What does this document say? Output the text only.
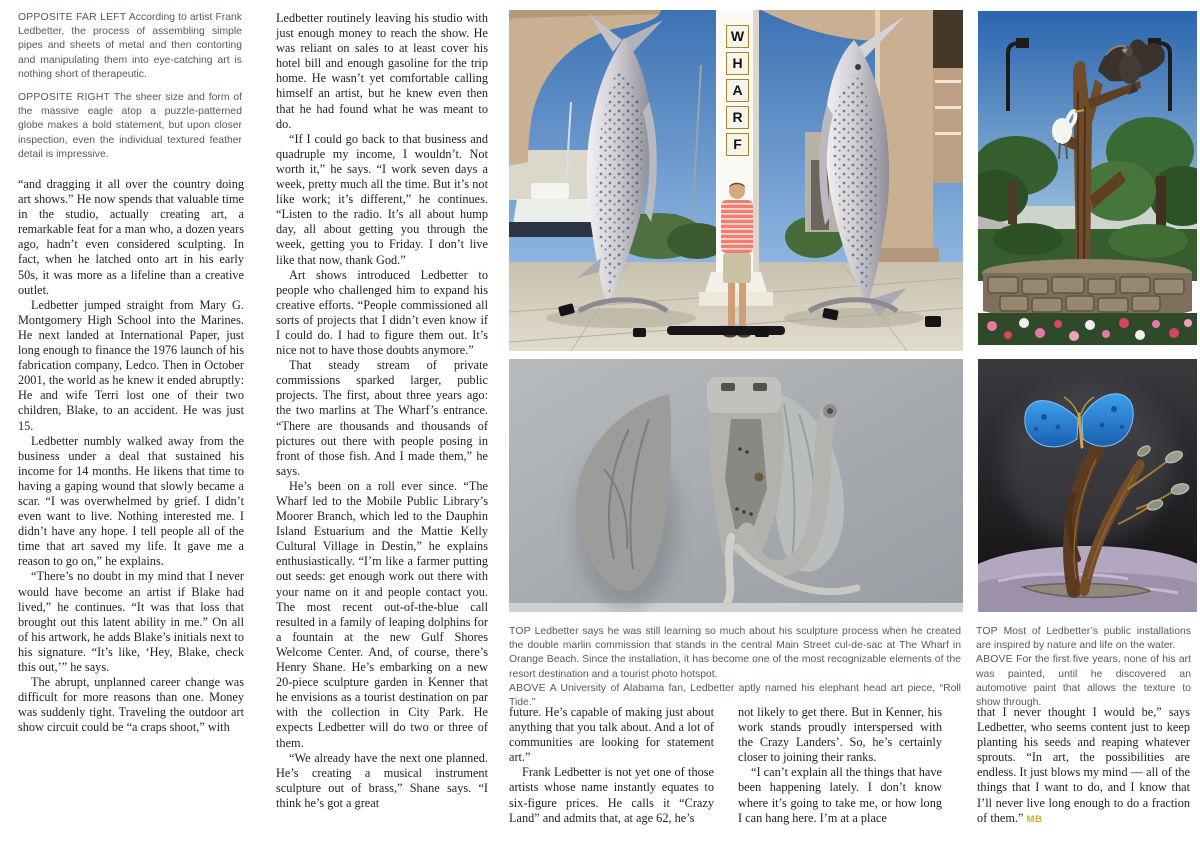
OPPOSITE FAR LEFT According to artist Frank Ledbetter, the process of assembling simple pipes and sheets of metal and then contorting and manipulating them into eye-catching art is nothing short of therapeutic.

OPPOSITE RIGHT The sheer size and form of the massive eagle atop a puzzle-patterned globe makes a bold statement, but upon closer inspection, even the individual textured feather detail is impressive.

“and dragging it all over the country doing art shows.” He now spends that valuable time in the studio, actually creating art, a remarkable feat for a man who, a dozen years ago, hadn’t even considered sculpting. In fact, when he latched onto art in his early 50s, it was more as a lifeline than a creative outlet.

Ledbetter jumped straight from Mary G. Montgomery High School into the Marines. He next landed at International Paper, just long enough to finance the 1976 launch of his fabrication company, Ledco. Then in October 2001, the world as he knew it ended abruptly: He and wife Terri lost one of their two children, Blake, to an accident. He was just 15.

Ledbetter numbly walked away from the business under a deal that sustained his income for 14 months. He likens that time to having a gaping wound that slowly became a scar. “I was overwhelmed by grief. I didn’t even want to live. Nothing interested me. I didn’t have any hope. I tell people all of the time that art saved my life. It gave me a reason to go on,” he explains.

“There’s no doubt in my mind that I never would have become an artist if Blake had lived,” he continues. “It was that loss that brought out this latent ability in me.” On all of his artwork, he adds Blake’s initials next to his signature. “It’s like, ‘Hey, Blake, check this out,’” he says.

The abrupt, unplanned career change was difficult for more reasons than one. Money was suddenly tight. Traveling the outdoor art show circuit could be “a craps shoot,” with

Ledbetter routinely leaving his studio with just enough money to reach the show. He was reliant on sales to at least cover his hotel bill and enough gasoline for the trip home. He wasn’t yet comfortable calling himself an artist, but he knew even then that he had found what he was meant to do.

“If I could go back to that business and quadruple my income, I wouldn’t. Not worth it,” he says. “I work seven days a week, pretty much all the time. But it’s not like work; it’s different,” he continues. “Listen to the radio. It’s all about hump day, all about getting you through the week, getting you to Friday. I don’t live like that now, thank God.”

Art shows introduced Ledbetter to people who challenged him to expand his creative efforts. “People commissioned all sorts of projects that I didn’t even know if I could do. I had to figure them out. It’s nice not to have those doubts anymore.”

That steady stream of private commissions sparked larger, public projects. The first, about three years ago: the two marlins at The Wharf’s entrance. “There are thousands and thousands of pictures out there with people posing in front of those fish. And I made them,” he says.

He’s been on a roll ever since. “The Wharf led to the Mobile Public Library’s Moorer Branch, which led to the Dauphin Island Estuarium and the Mattie Kelly Cultural Village in Destin,” he explains enthusiastically. “I’m like a farmer putting out seeds: get enough work out there with your name on it and people contact you. The most recent out-of-the-blue call resulted in a family of leaping dolphins for a fountain at the new Gulf Shores Welcome Center. And, of course, there’s Henry Shane. He’s embarking on a new 20-piece sculpture garden in Kenner that he envisions as a tourist destination on par with the collection in City Park. He expects Ledbetter will do two or three of them.

“We already have the next one planned. He’s creating a musical instrument sculpture out of brass,” Shane says. “I think he’s got a great

W
H
A
R
F

TOP Ledbetter says he was still learning so much about his sculpture process when he created the double marlin commission that stands in the central Main Street cul-de-sac at The Wharf in Orange Beach. Since the installation, it has become one of the most recognizable elements of the resort destination and a tourist photo hotspot.

ABOVE A University of Alabama fan, Ledbetter aptly named his elephant head art piece, “Roll Tide.”

TOP Most of Ledbetter’s public installations are inspired by nature and life on the water.

ABOVE For the first five years, none of his art was painted, until he discovered an automotive paint that allows the texture to show through.

future. He’s capable of making just about anything that you talk about. And a lot of communities are looking for statement art.”

Frank Ledbetter is not yet one of those artists whose name instantly equates to six-figure prices. He calls it “Crazy Land” and admits that, at age 62, he’s

not likely to get there. But in Kenner, his work stands proudly interspersed with the Crazy Landers’. So, he’s certainly closer to joining their ranks.

“I can’t explain all the things that have been happening lately. I don’t know where it’s going to take me, or how long I can hang here. I’m at a place

that I never thought I would be,” says Ledbetter, who seems content just to keep planting his seeds and reaping whatever sprouts. “In art, the possibilities are endless. It just blows my mind — all of the things that I want to do, and I know that I’ll never live long enough to do a fraction of them.” MB
